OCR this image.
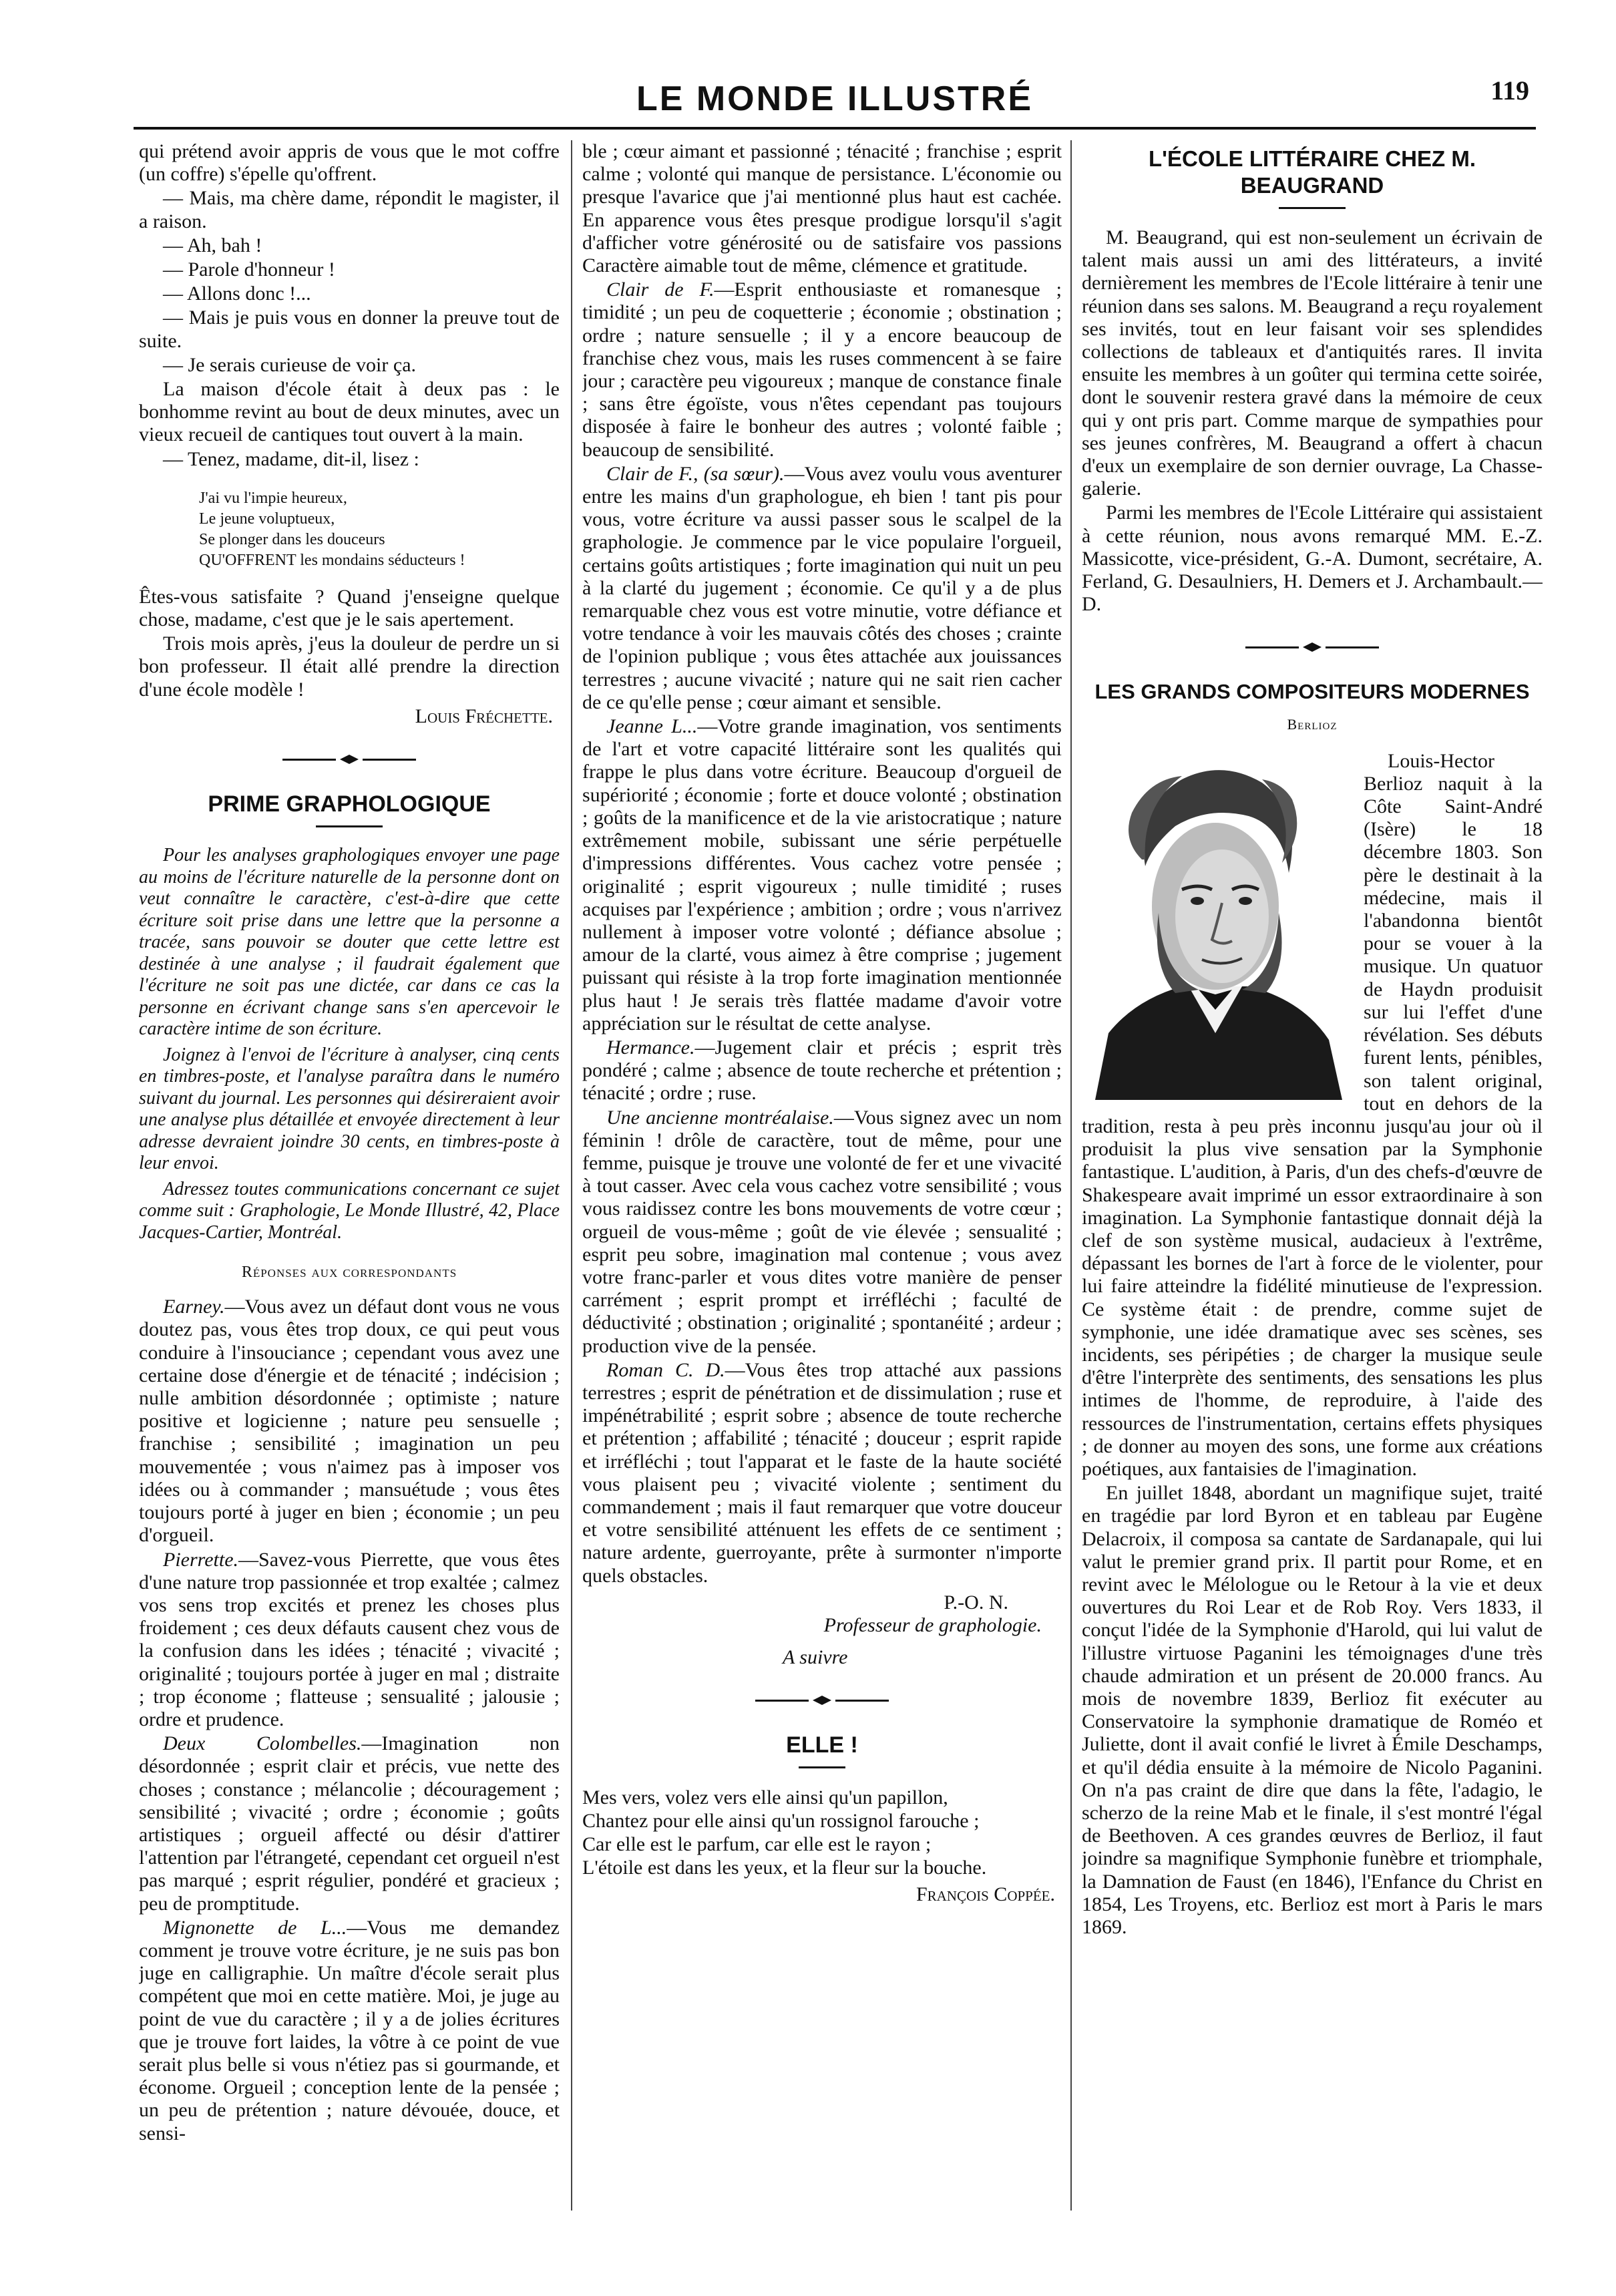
LE MONDE ILLUSTRÉ	119

qui prétend avoir appris de vous que le mot coffre (un coffre) s'épelle qu'offrent.

— Mais, ma chère dame, répondit le magister, il a raison.

— Ah, bah !

— Parole d'honneur !

— Allons donc !...

— Mais je puis vous en donner la preuve tout de suite.

— Je serais curieuse de voir ça.

La maison d'école était à deux pas : le bonhomme revint au bout de deux minutes, avec un vieux recueil de cantiques tout ouvert à la main.

— Tenez, madame, dit-il, lisez :

J'ai vu l'impie heureux,
Le jeune voluptueux,
Se plonger dans les douceurs
QU'OFFRENT les mondains séducteurs !

Êtes-vous satisfaite ? Quand j'enseigne quelque chose, madame, c'est que je le sais apertement.

Trois mois après, j'eus la douleur de perdre un si bon professeur. Il était allé prendre la direction d'une école modèle !

Louis Fréchette.

PRIME GRAPHOLOGIQUE

Pour les analyses graphologiques envoyer une page au moins de l'écriture naturelle de la personne dont on veut connaître le caractère, c'est-à-dire que cette écriture soit prise dans une lettre que la personne a tracée, sans pouvoir se douter que cette lettre est destinée à une analyse ; il faudrait également que l'écriture ne soit pas une dictée, car dans ce cas la personne en écrivant change sans s'en apercevoir le caractère intime de son écriture.

Joignez à l'envoi de l'écriture à analyser, cinq cents en timbres-poste, et l'analyse paraîtra dans le numéro suivant du journal. Les personnes qui désireraient avoir une analyse plus détaillée et envoyée directement à leur adresse devraient joindre 30 cents, en timbres-poste à leur envoi.

Adressez toutes communications concernant ce sujet comme suit : Graphologie, Le Monde Illustré, 42, Place Jacques-Cartier, Montréal.

Réponses aux correspondants

Earney.—Vous avez un défaut dont vous ne vous doutez pas, vous êtes trop doux, ce qui peut vous conduire à l'insouciance ; cependant vous avez une certaine dose d'énergie et de ténacité ; indécision ; nulle ambition désordonnée ; optimiste ; nature positive et logicienne ; nature peu sensuelle ; franchise ; sensibilité ; imagination un peu mouvementée ; vous n'aimez pas à imposer vos idées ou à commander ; mansuétude ; vous êtes toujours porté à juger en bien ; économie ; un peu d'orgueil.

Pierrette.—Savez-vous Pierrette, que vous êtes d'une nature trop passionnée et trop exaltée ; calmez vos sens trop excités et prenez les choses plus froidement ; ces deux défauts causent chez vous de la confusion dans les idées ; ténacité ; vivacité ; originalité ; toujours portée à juger en mal ; distraite ; trop économe ; flatteuse ; sensualité ; jalousie ; ordre et prudence.

Deux Colombelles.—Imagination non désordonnée ; esprit clair et précis, vue nette des choses ; constance ; mélancolie ; découragement ; sensibilité ; vivacité ; ordre ; économie ; goûts artistiques ; orgueil affecté ou désir d'attirer l'attention par l'étrangeté, cependant cet orgueil n'est pas marqué ; esprit régulier, pondéré et gracieux ; peu de promptitude.

Mignonette de L...—Vous me demandez comment je trouve votre écriture, je ne suis pas bon juge en calligraphie. Un maître d'école serait plus compétent que moi en cette matière. Moi, je juge au point de vue du caractère ; il y a de jolies écritures que je trouve fort laides, la vôtre à ce point de vue serait plus belle si vous n'étiez pas si gourmande, et économe. Orgueil ; conception lente de la pensée ; un peu de prétention ; nature dévouée, douce, et sensi-

ble ; cœur aimant et passionné ; ténacité ; franchise ; esprit calme ; volonté qui manque de persistance. L'économie ou presque l'avarice que j'ai mentionné plus haut est cachée. En apparence vous êtes presque prodigue lorsqu'il s'agit d'afficher votre générosité ou de satisfaire vos passions Caractère aimable tout de même, clémence et gratitude.

Clair de F.—Esprit enthousiaste et romanesque ; timidité ; un peu de coquetterie ; économie ; obstination ; ordre ; nature sensuelle ; il y a encore beaucoup de franchise chez vous, mais les ruses commencent à se faire jour ; caractère peu vigoureux ; manque de constance finale ; sans être égoïste, vous n'êtes cependant pas toujours disposée à faire le bonheur des autres ; volonté faible ; beaucoup de sensibilité.

Clair de F., (sa sœur).—Vous avez voulu vous aventurer entre les mains d'un graphologue, eh bien ! tant pis pour vous, votre écriture va aussi passer sous le scalpel de la graphologie. Je commence par le vice populaire l'orgueil, certains goûts artistiques ; forte imagination qui nuit un peu à la clarté du jugement ; économie. Ce qu'il y a de plus remarquable chez vous est votre minutie, votre défiance et votre tendance à voir les mauvais côtés des choses ; crainte de l'opinion publique ; vous êtes attachée aux jouissances terrestres ; aucune vivacité ; nature qui ne sait rien cacher de ce qu'elle pense ; cœur aimant et sensible.

Jeanne L...—Votre grande imagination, vos sentiments de l'art et votre capacité littéraire sont les qualités qui frappe le plus dans votre écriture. Beaucoup d'orgueil de supériorité ; économie ; forte et douce volonté ; obstination ; goûts de la manificence et de la vie aristocratique ; nature extrêmement mobile, subissant une série perpétuelle d'impressions différentes. Vous cachez votre pensée ; originalité ; esprit vigoureux ; nulle timidité ; ruses acquises par l'expérience ; ambition ; ordre ; vous n'arrivez nullement à imposer votre volonté ; défiance absolue ; amour de la clarté, vous aimez à être comprise ; jugement puissant qui résiste à la trop forte imagination mentionnée plus haut ! Je serais très flattée madame d'avoir votre appréciation sur le résultat de cette analyse.

Hermance.—Jugement clair et précis ; esprit très pondéré ; calme ; absence de toute recherche et prétention ; ténacité ; ordre ; ruse.

Une ancienne montréalaise.—Vous signez avec un nom féminin ! drôle de caractère, tout de même, pour une femme, puisque je trouve une volonté de fer et une vivacité à tout casser. Avec cela vous cachez votre sensibilité ; vous vous raidissez contre les bons mouvements de votre cœur ; orgueil de vous-même ; goût de vie élevée ; sensualité ; esprit peu sobre, imagination mal contenue ; vous avez votre franc-parler et vous dites votre manière de penser carrément ; esprit prompt et irréfléchi ; faculté de déductivité ; obstination ; originalité ; spontanéité ; ardeur ; production vive de la pensée.

Roman C. D.—Vous êtes trop attaché aux passions terrestres ; esprit de pénétration et de dissimulation ; ruse et impénétrabilité ; esprit sobre ; absence de toute recherche et prétention ; affabilité ; ténacité ; douceur ; esprit rapide et irréfléchi ; tout l'apparat et le faste de la haute société vous plaisent peu ; vivacité violente ; sentiment du commandement ; mais il faut remarquer que votre douceur et votre sensibilité atténuent les effets de ce sentiment ; nature ardente, guerroyante, prête à surmonter n'importe quels obstacles.

P.-O. N.

Professeur de graphologie.

A suivre

ELLE !
Mes vers, volez vers elle ainsi qu'un papillon,
Chantez pour elle ainsi qu'un rossignol farouche ;
Car elle est le parfum, car elle est le rayon ;
L'étoile est dans les yeux, et la fleur sur la bouche.

François Coppée.

L'ÉCOLE LITTÉRAIRE CHEZ M. BEAUGRAND

M. Beaugrand, qui est non-seulement un écrivain de talent mais aussi un ami des littérateurs, a invité dernièrement les membres de l'Ecole littéraire à tenir une réunion dans ses salons. M. Beaugrand a reçu royalement ses invités, tout en leur faisant voir ses splendides collections de tableaux et d'antiquités rares. Il invita ensuite les membres à un goûter qui termina cette soirée, dont le souvenir restera gravé dans la mémoire de ceux qui y ont pris part. Comme marque de sympathies pour ses jeunes confrères, M. Beaugrand a offert à chacun d'eux un exemplaire de son dernier ouvrage, La Chasse-galerie.

Parmi les membres de l'Ecole Littéraire qui assistaient à cette réunion, nous avons remarqué MM. E.-Z. Massicotte, vice-président, G.-A. Dumont, secrétaire, A. Ferland, G. Desaulniers, H. Demers et J. Archambault.—D.

LES GRANDS COMPOSITEURS MODERNES
Berlioz

Louis-Hector Berlioz naquit à la Côte Saint-André (Isère) le 18 décembre 1803. Son père le destinait à la médecine, mais il l'abandonna bientôt pour se vouer à la musique. Un quatuor de Haydn produisit sur lui l'effet d'une révélation. Ses débuts furent lents, pénibles, son talent original, tout en dehors de la tradition, resta à peu près inconnu jusqu'au jour où il produisit la plus vive sensation par la Symphonie fantastique. L'audition, à Paris, d'un des chefs-d'œuvre de Shakespeare avait imprimé un essor extraordinaire à son imagination. La Symphonie fantastique donnait déjà la clef de son système musical, audacieux à l'extrême, dépassant les bornes de l'art à force de le violenter, pour lui faire atteindre la fidélité minutieuse de l'expression. Ce système était : de prendre, comme sujet de symphonie, une idée dramatique avec ses scènes, ses incidents, ses péripéties ; de charger la musique seule d'être l'interprète des sentiments, des sensations les plus intimes de l'homme, de reproduire, à l'aide des ressources de l'instrumentation, certains effets physiques ; de donner au moyen des sons, une forme aux créations poétiques, aux fantaisies de l'imagination.

En juillet 1848, abordant un magnifique sujet, traité en tragédie par lord Byron et en tableau par Eugène Delacroix, il composa sa cantate de Sardanapale, qui lui valut le premier grand prix. Il partit pour Rome, et en revint avec le Mélologue ou le Retour à la vie et deux ouvertures du Roi Lear et de Rob Roy. Vers 1833, il conçut l'idée de la Symphonie d'Harold, qui lui valut de l'illustre virtuose Paganini les témoignages d'une très chaude admiration et un présent de 20.000 francs. Au mois de novembre 1839, Berlioz fit exécuter au Conservatoire la symphonie dramatique de Roméo et Juliette, dont il avait confié le livret à Émile Deschamps, et qu'il dédia ensuite à la mémoire de Nicolo Paganini. On n'a pas craint de dire que dans la fête, l'adagio, le scherzo de la reine Mab et le finale, il s'est montré l'égal de Beethoven. A ces grandes œuvres de Berlioz, il faut joindre sa magnifique Symphonie funèbre et triomphale, la Damnation de Faust (en 1846), l'Enfance du Christ en 1854, Les Troyens, etc. Berlioz est mort à Paris le mars 1869.
